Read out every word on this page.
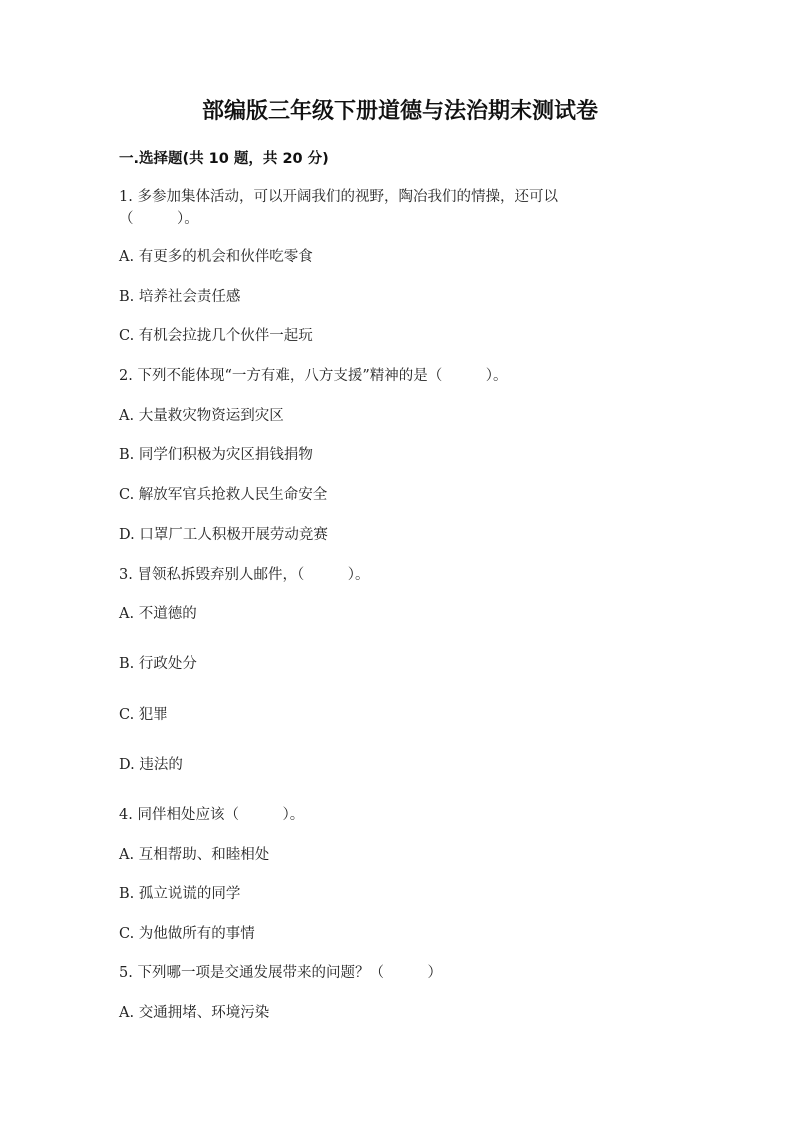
部编版三年级下册道德与法治期末测试卷
一.选择题(共 10 题，共 20 分)
1. 多参加集体活动，可以开阔我们的视野，陶冶我们的情操，还可以
（　　　）。
A. 有更多的机会和伙伴吃零食
B. 培养社会责任感
C. 有机会拉拢几个伙伴一起玩
2. 下列不能体现“一方有难，八方支援”精神的是（　　　）。
A. 大量救灾物资运到灾区
B. 同学们积极为灾区捐钱捐物
C. 解放军官兵抢救人民生命安全
D. 口罩厂工人积极开展劳动竞赛
3. 冒领私拆毁弃别人邮件，（　　　）。
A. 不道德的
B. 行政处分
C. 犯罪
D. 违法的
4. 同伴相处应该（　　　）。
A. 互相帮助、和睦相处
B. 孤立说谎的同学
C. 为他做所有的事情
5. 下列哪一项是交通发展带来的问题？（　　　）
A. 交通拥堵、环境污染
